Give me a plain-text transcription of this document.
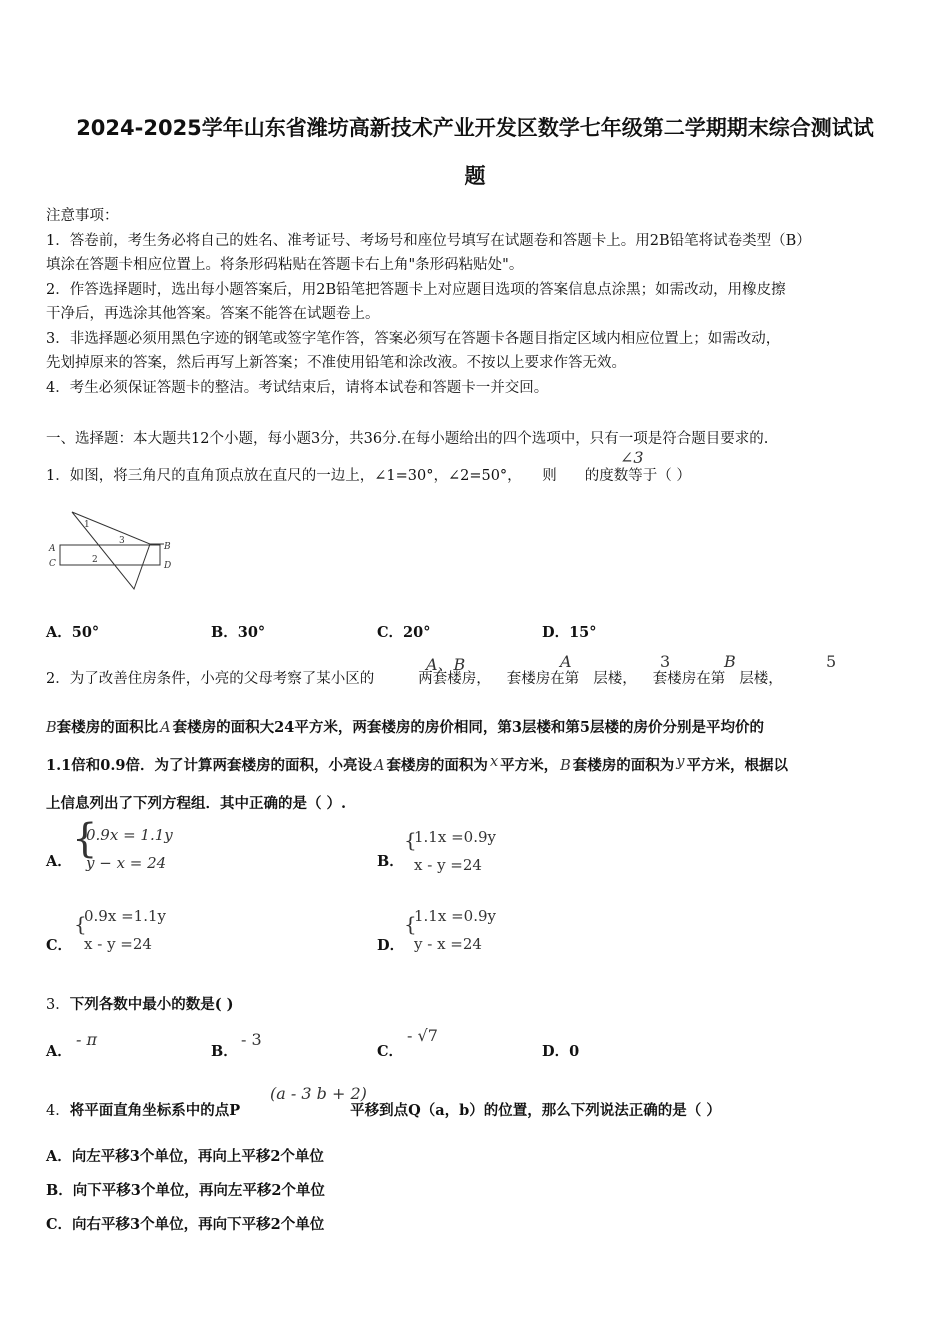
2024-2025学年山东省潍坊高新技术产业开发区数学七年级第二学期期末综合测试试
题
注意事项：
1．答卷前，考生务必将自己的姓名、准考证号、考场号和座位号填写在试题卷和答题卡上。用2B铅笔将试卷类型（B）
填涂在答题卡相应位置上。将条形码粘贴在答题卡右上角"条形码粘贴处"。
2．作答选择题时，选出每小题答案后，用2B铅笔把答题卡上对应题目选项的答案信息点涂黑；如需改动，用橡皮擦
干净后，再选涂其他答案。答案不能答在试题卷上。
3．非选择题必须用黑色字迹的钢笔或签字笔作答，答案必须写在答题卡各题目指定区域内相应位置上；如需改动，
先划掉原来的答案，然后再写上新答案；不准使用铅笔和涂改液。不按以上要求作答无效。
4．考生必须保证答题卡的整洁。考试结束后，请将本试卷和答题卡一并交回。
一、选择题：本大题共12个小题，每小题3分，共36分.在每小题给出的四个选项中，只有一项是符合题目要求的.
1．如图，将三角尺的直角顶点放在直尺的一边上，∠1=30°，∠2=50°， 则 的度数等于（ ）
∠3
A	B
C	D
1
3
2
A．50°	B．30°	C．20°	D．15°
2．为了改善住房条件，小亮的父母考察了某小区的	两套楼房， 套楼房在第 层楼， 套楼房在第 层楼，
A、B	A	3	B	5
B套楼房的面积比 A 套楼房的面积大24平方米，两套楼房的房价相同，第3层楼和第5层楼的房价分别是平均价的
1.1倍和0.9倍．为了计算两套楼房的面积，小亮设 A 套楼房的面积为 x 平方米， B 套楼房的面积为 y 平方米，根据以
上信息列出了下列方程组．其中正确的是（ ）.
A． {
0.9x = 1.1y
y − x = 24	B．
{
1.1x =0.9y
x - y =24
C．
{
0.9x =1.1y
x - y =24	D．
{
1.1x =0.9y
y - x =24
3．下列各数中最小的数是( )
A．
- π
B．
- 3
C．
- √7
D．0
4．将平面直角坐标系中的点P	平移到点Q（a，b）的位置，那么下列说法正确的是（ ）
(a - 3 b + 2)
A．向左平移3个单位，再向上平移2个单位
B．向下平移3个单位，再向左平移2个单位
C．向右平移3个单位，再向下平移2个单位
